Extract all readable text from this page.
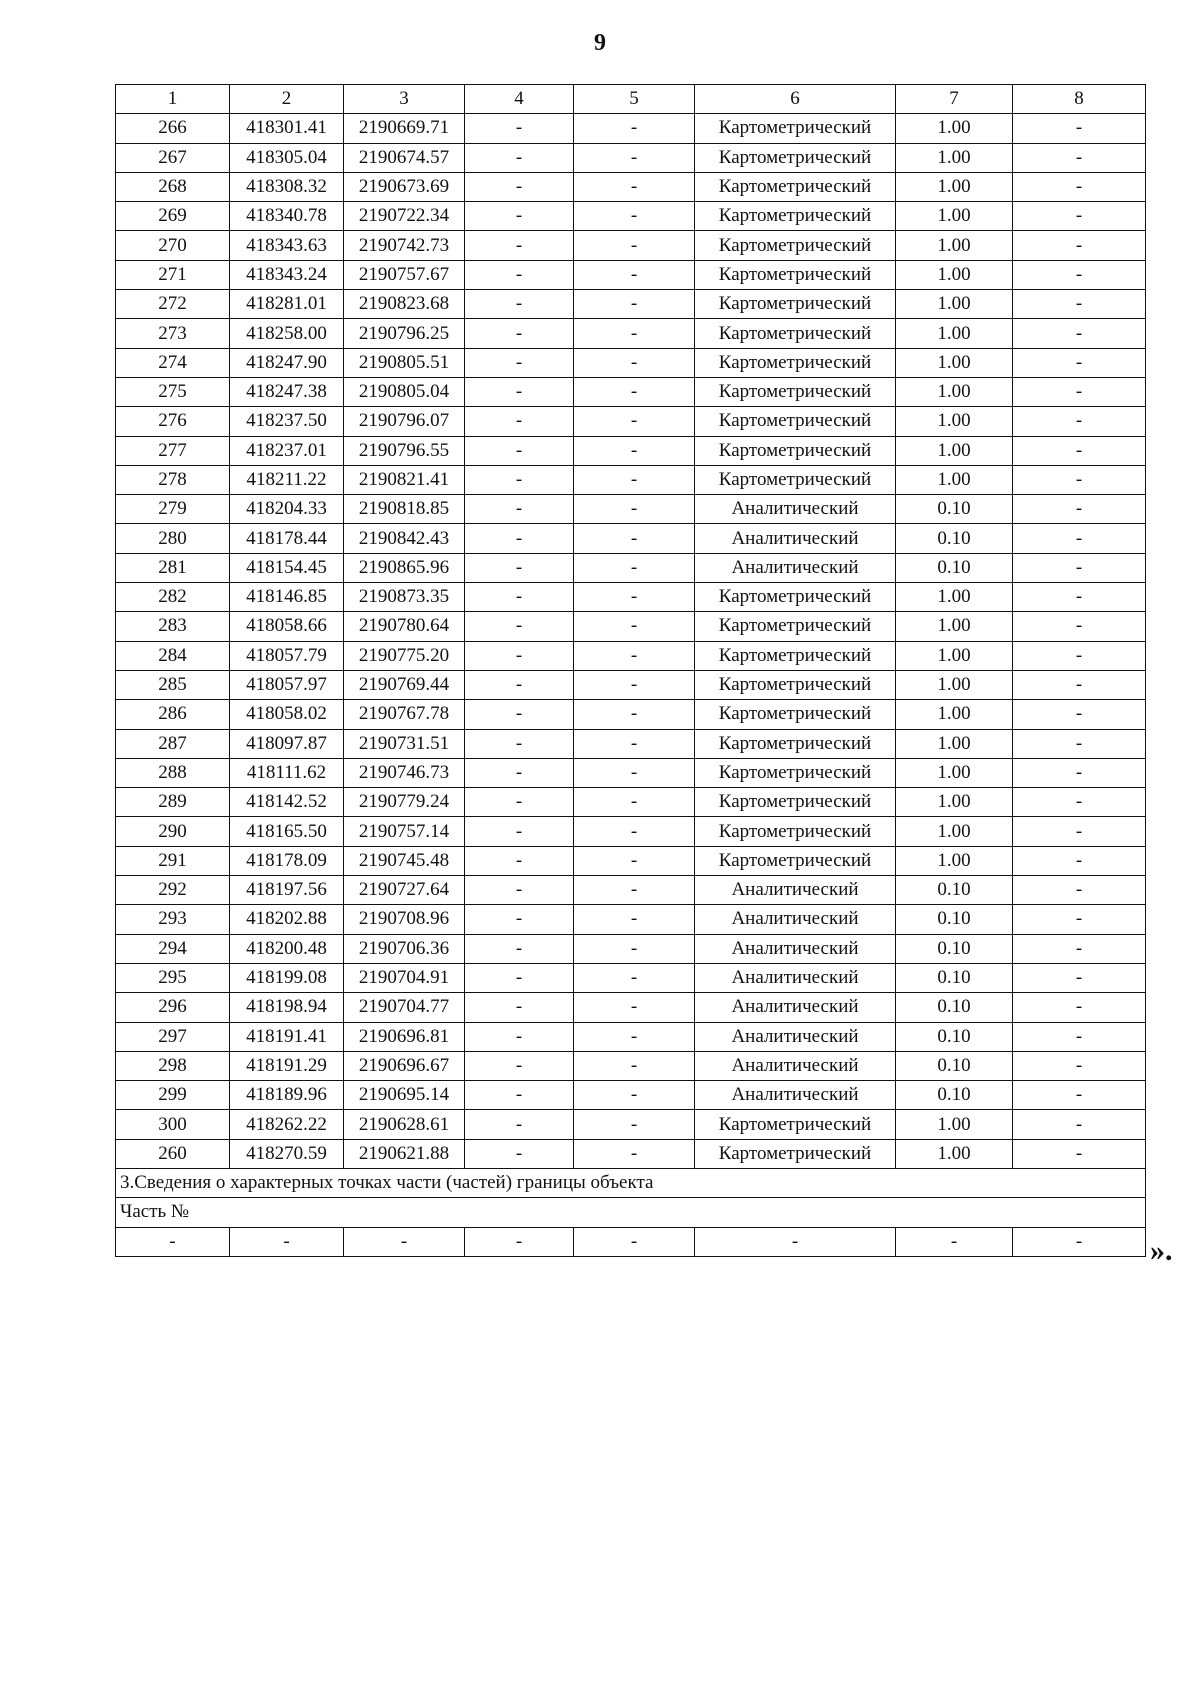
9
1	2	3	4	5	6	7	8
266	418301.41	2190669.71	-	-	Картометрический	1.00	-
267	418305.04	2190674.57	-	-	Картометрический	1.00	-
268	418308.32	2190673.69	-	-	Картометрический	1.00	-
269	418340.78	2190722.34	-	-	Картометрический	1.00	-
270	418343.63	2190742.73	-	-	Картометрический	1.00	-
271	418343.24	2190757.67	-	-	Картометрический	1.00	-
272	418281.01	2190823.68	-	-	Картометрический	1.00	-
273	418258.00	2190796.25	-	-	Картометрический	1.00	-
274	418247.90	2190805.51	-	-	Картометрический	1.00	-
275	418247.38	2190805.04	-	-	Картометрический	1.00	-
276	418237.50	2190796.07	-	-	Картометрический	1.00	-
277	418237.01	2190796.55	-	-	Картометрический	1.00	-
278	418211.22	2190821.41	-	-	Картометрический	1.00	-
279	418204.33	2190818.85	-	-	Аналитический	0.10	-
280	418178.44	2190842.43	-	-	Аналитический	0.10	-
281	418154.45	2190865.96	-	-	Аналитический	0.10	-
282	418146.85	2190873.35	-	-	Картометрический	1.00	-
283	418058.66	2190780.64	-	-	Картометрический	1.00	-
284	418057.79	2190775.20	-	-	Картометрический	1.00	-
285	418057.97	2190769.44	-	-	Картометрический	1.00	-
286	418058.02	2190767.78	-	-	Картометрический	1.00	-
287	418097.87	2190731.51	-	-	Картометрический	1.00	-
288	418111.62	2190746.73	-	-	Картометрический	1.00	-
289	418142.52	2190779.24	-	-	Картометрический	1.00	-
290	418165.50	2190757.14	-	-	Картометрический	1.00	-
291	418178.09	2190745.48	-	-	Картометрический	1.00	-
292	418197.56	2190727.64	-	-	Аналитический	0.10	-
293	418202.88	2190708.96	-	-	Аналитический	0.10	-
294	418200.48	2190706.36	-	-	Аналитический	0.10	-
295	418199.08	2190704.91	-	-	Аналитический	0.10	-
296	418198.94	2190704.77	-	-	Аналитический	0.10	-
297	418191.41	2190696.81	-	-	Аналитический	0.10	-
298	418191.29	2190696.67	-	-	Аналитический	0.10	-
299	418189.96	2190695.14	-	-	Аналитический	0.10	-
300	418262.22	2190628.61	-	-	Картометрический	1.00	-
260	418270.59	2190621.88	-	-	Картометрический	1.00	-
3.Сведения о характерных точках части (частей) границы объекта							
Часть №							
-	-	-	-	-	-	-	- ».
